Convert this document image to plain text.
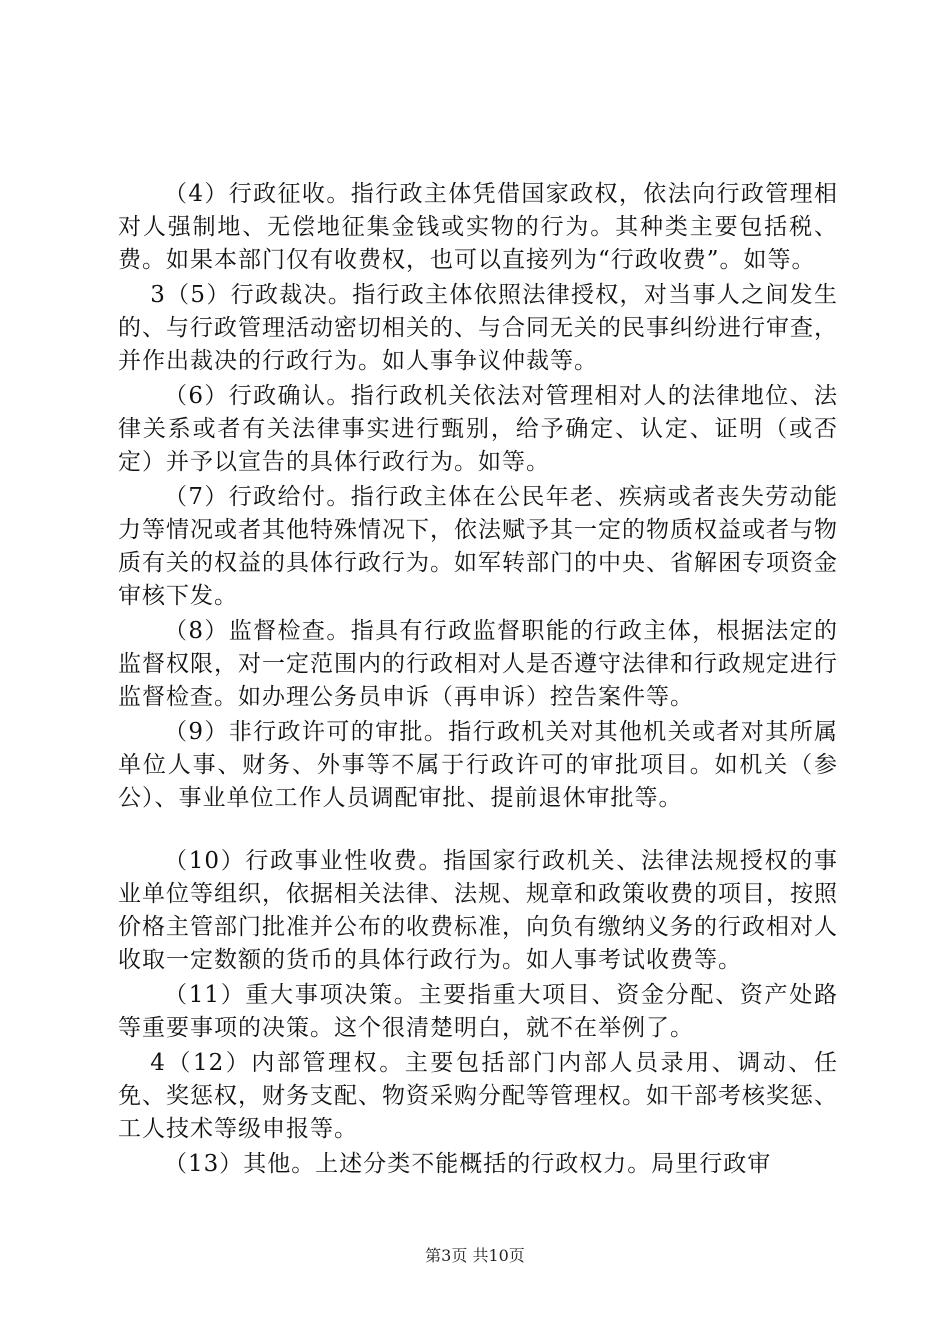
（4）行政征收。指行政主体凭借国家政权，依法向行政管理相对人强制地、无偿地征集金钱或实物的行为。其种类主要包括税、费。如果本部门仅有收费权，也可以直接列为“行政收费”。如等。

3（5）行政裁决。指行政主体依照法律授权，对当事人之间发生的、与行政管理活动密切相关的、与合同无关的民事纠纷进行审查，并作出裁决的行政行为。如人事争议仲裁等。

（6）行政确认。指行政机关依法对管理相对人的法律地位、法律关系或者有关法律事实进行甄别，给予确定、认定、证明（或否定）并予以宣告的具体行政行为。如等。

（7）行政给付。指行政主体在公民年老、疾病或者丧失劳动能力等情况或者其他特殊情况下，依法赋予其一定的物质权益或者与物质有关的权益的具体行政行为。如军转部门的中央、省解困专项资金审核下发。

（8）监督检查。指具有行政监督职能的行政主体，根据法定的监督权限，对一定范围内的行政相对人是否遵守法律和行政规定进行监督检查。如办理公务员申诉（再申诉）控告案件等。

（9）非行政许可的审批。指行政机关对其他机关或者对其所属单位人事、财务、外事等不属于行政许可的审批项目。如机关（参公）、事业单位工作人员调配审批、提前退休审批等。

（10）行政事业性收费。指国家行政机关、法律法规授权的事业单位等组织，依据相关法律、法规、规章和政策收费的项目，按照价格主管部门批准并公布的收费标准，向负有缴纳义务的行政相对人收取一定数额的货币的具体行政行为。如人事考试收费等。

（11）重大事项决策。主要指重大项目、资金分配、资产处路等重要事项的决策。这个很清楚明白，就不在举例了。

4（12）内部管理权。主要包括部门内部人员录用、调动、任免、奖惩权，财务支配、物资采购分配等管理权。如干部考核奖惩、工人技术等级申报等。

（13）其他。上述分类不能概括的行政权力。局里行政审

第3页 共10页
